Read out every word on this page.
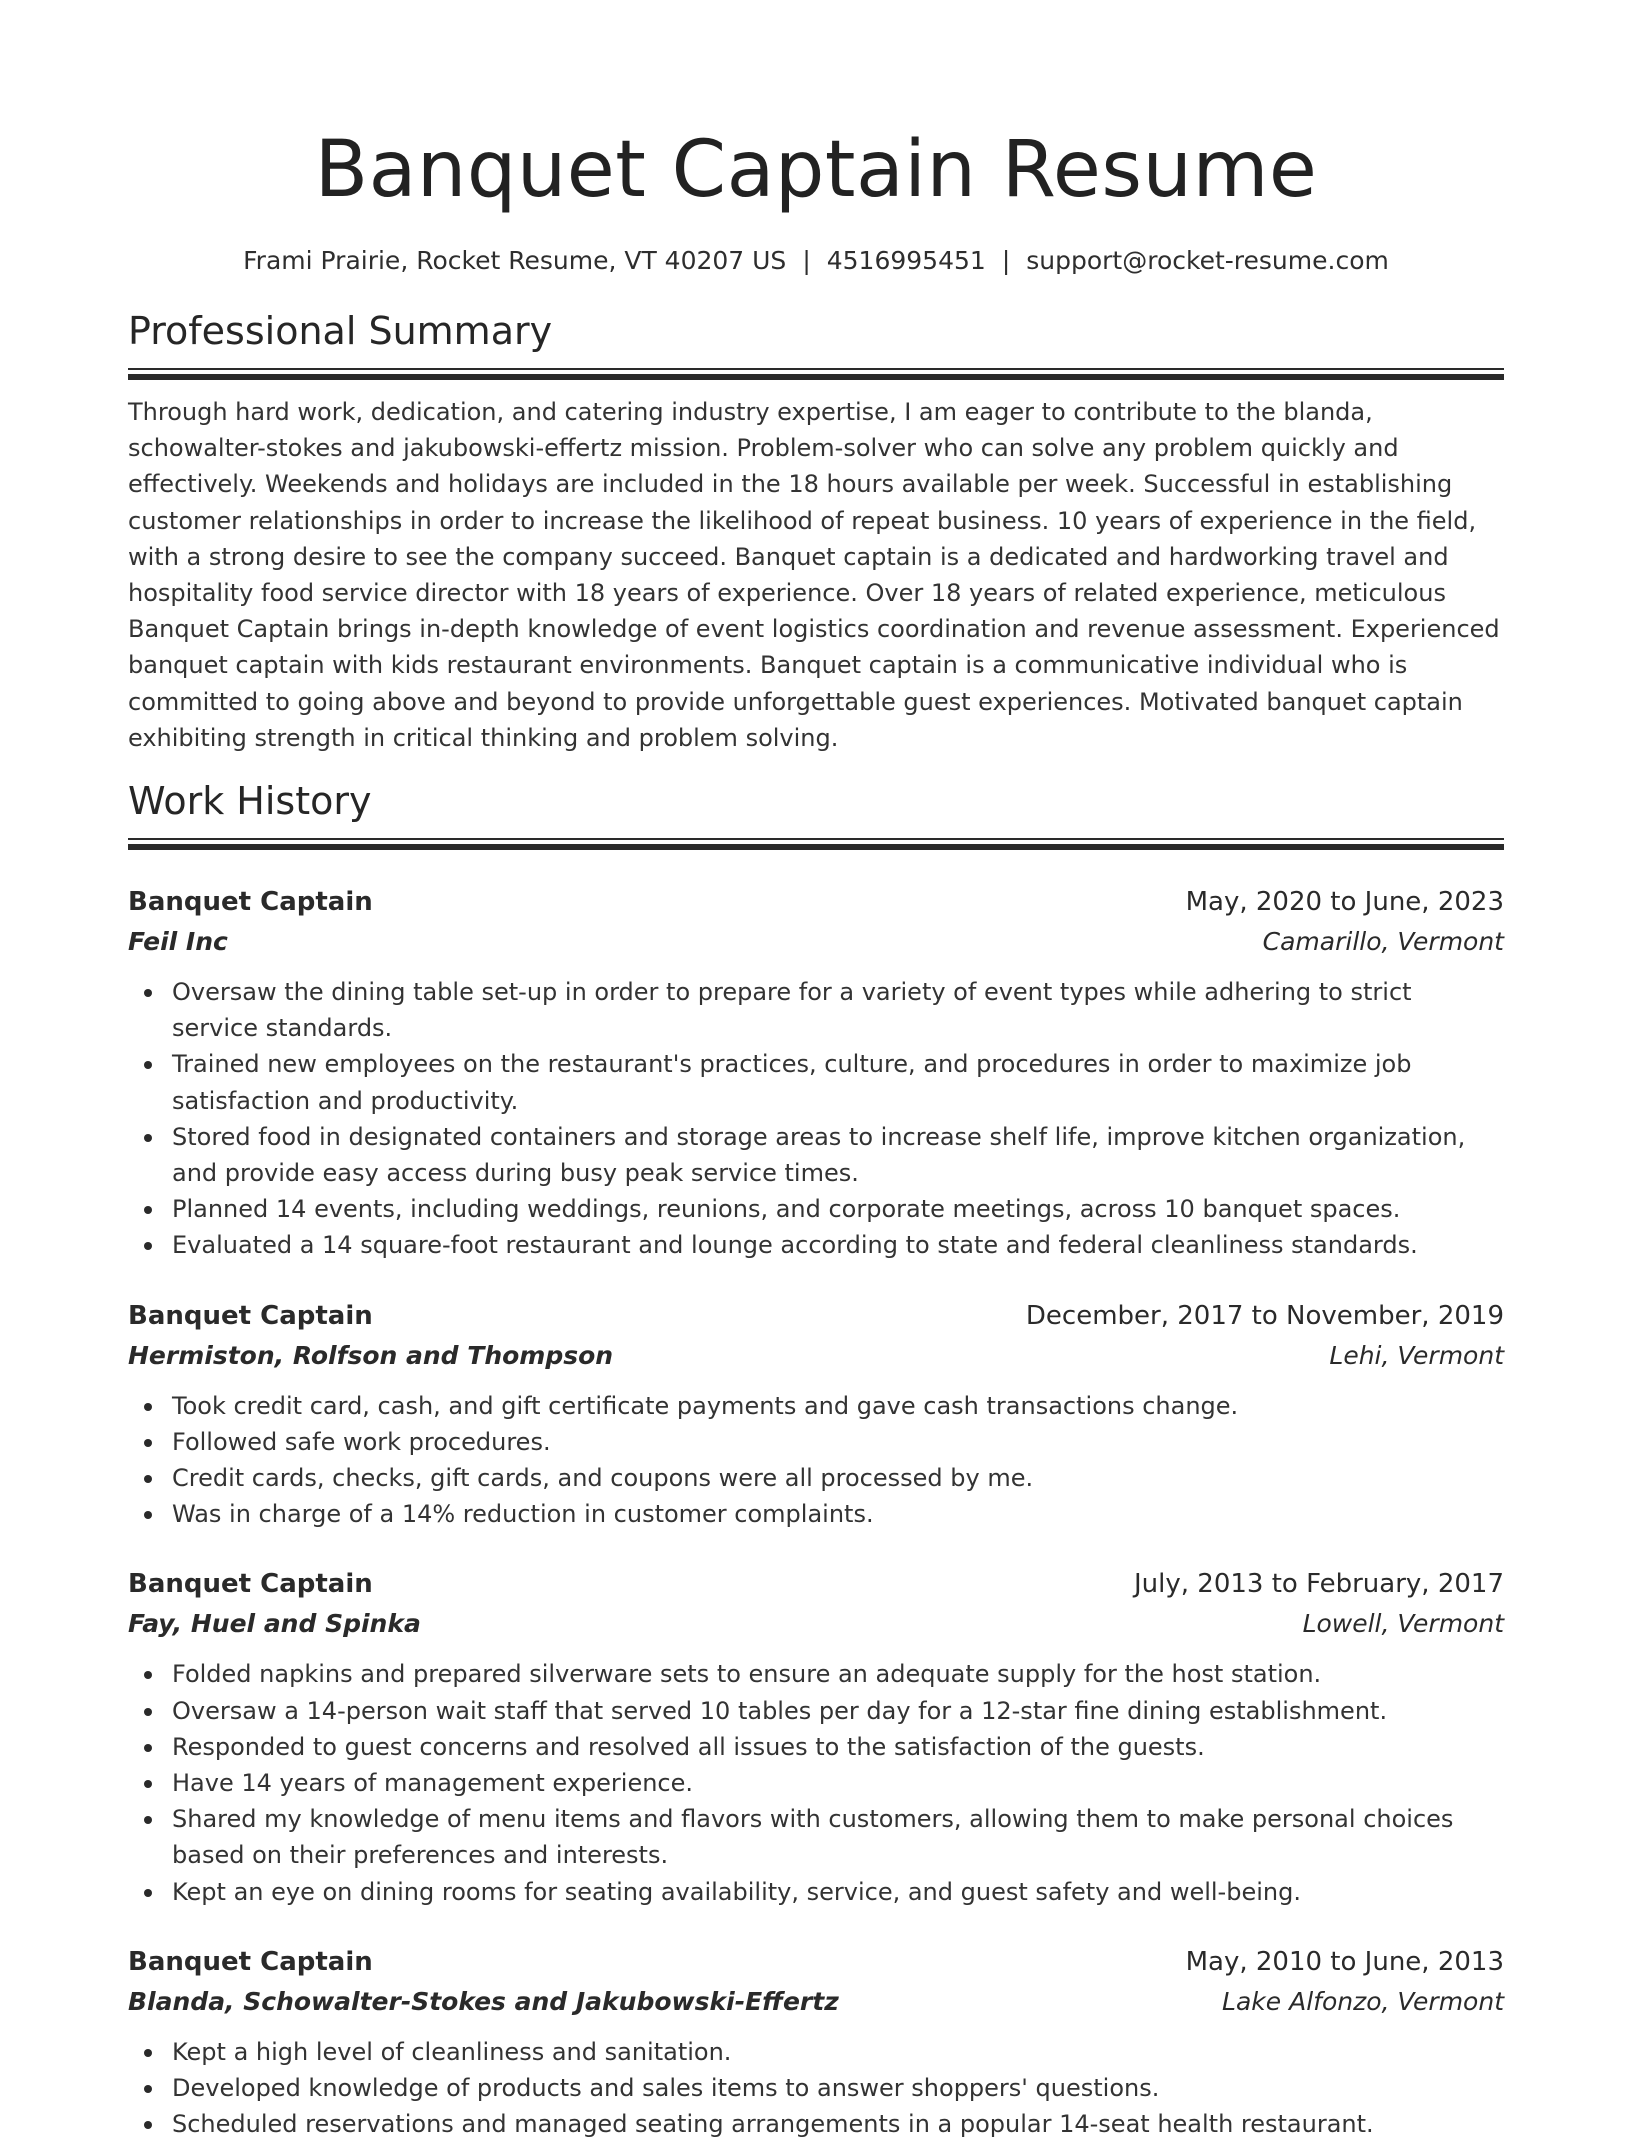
Banquet Captain Resume
Frami Prairie, Rocket Resume, VT 40207 US | 4516995451 | support@rocket-resume.com
Professional Summary
Through hard work, dedication, and catering industry expertise, I am eager to contribute to the blanda, schowalter-stokes and jakubowski-effertz mission. Problem-solver who can solve any problem quickly and effectively. Weekends and holidays are included in the 18 hours available per week. Successful in establishing customer relationships in order to increase the likelihood of repeat business. 10 years of experience in the field, with a strong desire to see the company succeed. Banquet captain is a dedicated and hardworking travel and hospitality food service director with 18 years of experience. Over 18 years of related experience, meticulous Banquet Captain brings in-depth knowledge of event logistics coordination and revenue assessment. Experienced banquet captain with kids restaurant environments. Banquet captain is a communicative individual who is committed to going above and beyond to provide unforgettable guest experiences. Motivated banquet captain exhibiting strength in critical thinking and problem solving.
Work History
Banquet Captain	May, 2020 to June, 2023
Feil Inc	Camarillo, Vermont
Oversaw the dining table set-up in order to prepare for a variety of event types while adhering to strict service standards.
Trained new employees on the restaurant's practices, culture, and procedures in order to maximize job satisfaction and productivity.
Stored food in designated containers and storage areas to increase shelf life, improve kitchen organization, and provide easy access during busy peak service times.
Planned 14 events, including weddings, reunions, and corporate meetings, across 10 banquet spaces.
Evaluated a 14 square-foot restaurant and lounge according to state and federal cleanliness standards.
Banquet Captain	December, 2017 to November, 2019
Hermiston, Rolfson and Thompson	Lehi, Vermont
Took credit card, cash, and gift certificate payments and gave cash transactions change.
Followed safe work procedures.
Credit cards, checks, gift cards, and coupons were all processed by me.
Was in charge of a 14% reduction in customer complaints.
Banquet Captain	July, 2013 to February, 2017
Fay, Huel and Spinka	Lowell, Vermont
Folded napkins and prepared silverware sets to ensure an adequate supply for the host station.
Oversaw a 14-person wait staff that served 10 tables per day for a 12-star fine dining establishment.
Responded to guest concerns and resolved all issues to the satisfaction of the guests.
Have 14 years of management experience.
Shared my knowledge of menu items and flavors with customers, allowing them to make personal choices based on their preferences and interests.
Kept an eye on dining rooms for seating availability, service, and guest safety and well-being.
Banquet Captain	May, 2010 to June, 2013
Blanda, Schowalter-Stokes and Jakubowski-Effertz	Lake Alfonzo, Vermont
Kept a high level of cleanliness and sanitation.
Developed knowledge of products and sales items to answer shoppers' questions.
Scheduled reservations and managed seating arrangements in a popular 14-seat health restaurant.
